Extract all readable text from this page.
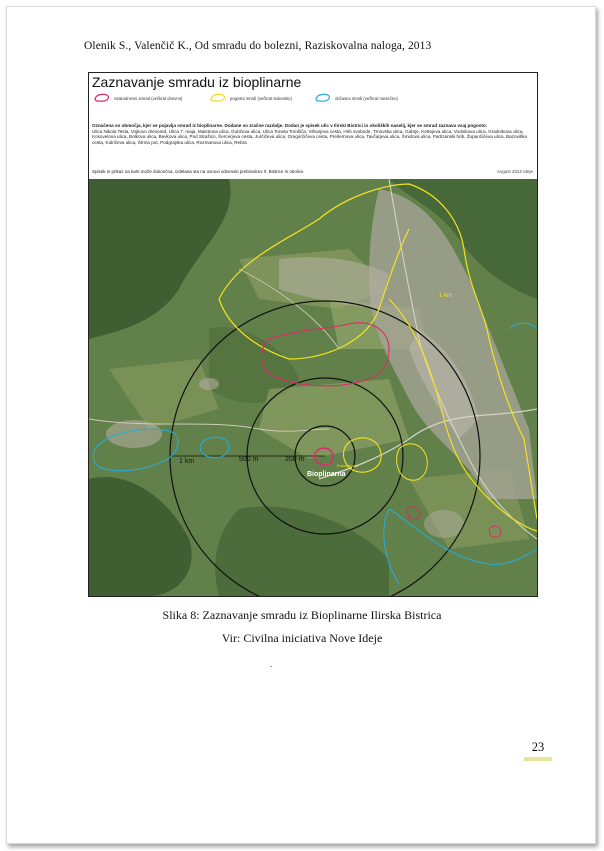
Olenik S., Valenčič K., Od smradu do bolezni, Raziskovalna naloga, 2013
Zaznavanje smradu iz bioplinarne
vsakodnevni smrad (večkrat dnevno)	pogosto smrdi (večkrat tedensko)	občasno smrdi (večkrat mesečno)
Označena so območja, kjer se pojavlja smrad iz bioplinarne. Dodane so zračne razdalje. Dodan je spisek ulic v Ilirski Bistrici in okoliških naselij, kjer se smrad zaznava vsaj pogosto:
Ulica Nikola Tesla, Vojkovo drevored, Ulica 7. maja, Maistrova ulica, Gubčeva ulica, Ulica Toneta Tomšiča, Vilharjeva cesta, Hrib svobode, Trnovska ulica, Gabrje, Kettejeva ulica, Vodnikova ulica, Gradnikova ulica, Kosovelova ulica, Bolkova ulica, Bevkova ulica, Pod Stražico, Šercerjeva cesta, Jurčičeva ulica, Gregorčičeva cesta, Prešernova ulica, Tavčarjeva ulica, Šmidova ulica, Partizanski hrib, Župančičeva ulica, Bazoviška cesta, Kidričeva ulica, Štrma pot, Podgrajska ulica, Rozmanova ulica, Rebra
Spisek in prikaz na karti može dokončna, izdelana sta na osnovi odvenski prebivalcev Il. Bistrice in okolice	Avgust 2012 Ideje
1 km	500 m	200 m
Bioplinarna
1 km
Kosovelova
Slika 8: Zaznavanje smradu iz Bioplinarne Ilirska Bistrica
Vir: Civilna iniciativa Nove Ideje
23
